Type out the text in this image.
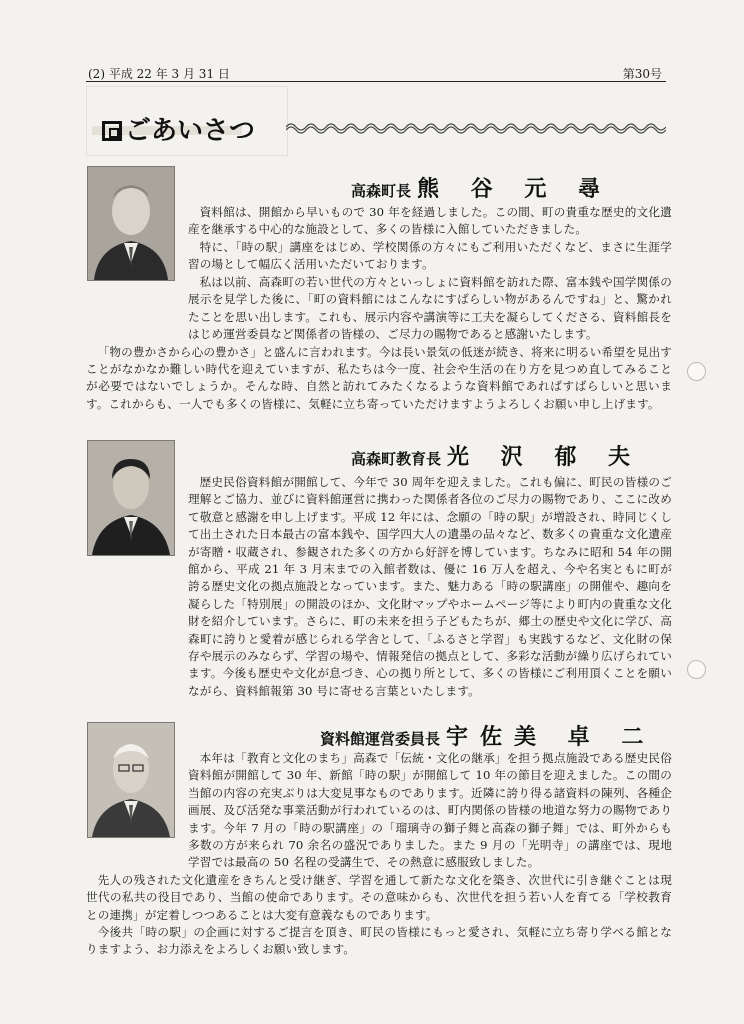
(2) 平成 22 年 3 月 31 日	第30号
ごあいさつ
高森町長 熊 谷 元 尋

資料館は、開館から早いもので 30 年を経過しました。この間、町の貴重な歴史的文化遺産を継承する中心的な施設として、多くの皆様に入館していただきました。

特に、「時の駅」講座をはじめ、学校関係の方々にもご利用いただくなど、まさに生涯学習の場として幅広く活用いただいております。

私は以前、高森町の若い世代の方々といっしょに資料館を訪れた際、富本銭や国学関係の展示を見学した後に、「町の資料館にはこんなにすばらしい物があるんですね」と、驚かれたことを思い出します。これも、展示内容や講演等に工夫を凝らしてくださる、資料館長をはじめ運営委員など関係者の皆様の、ご尽力の賜物であると感謝いたします。

「物の豊かさから心の豊かさ」と盛んに言われます。今は長い景気の低迷が続き、将来に明るい希望を見出すことがなかなか難しい時代を迎えていますが、私たちは今一度、社会や生活の在り方を見つめ直してみることが必要ではないでしょうか。そんな時、自然と訪れてみたくなるような資料館であればすばらしいと思います。これからも、一人でも多くの皆様に、気軽に立ち寄っていただけますようよろしくお願い申し上げます。

高森町教育長 光 沢 郁 夫

歴史民俗資料館が開館して、今年で 30 周年を迎えました。これも偏に、町民の皆様のご理解とご協力、並びに資料館運営に携わった関係者各位のご尽力の賜物であり、ここに改めて敬意と感謝を申し上げます。平成 12 年には、念願の「時の駅」が増設され、時同じくして出土された日本最古の富本銭や、国学四大人の遺墨の品々など、数多くの貴重な文化遺産が寄贈・収蔵され、参観された多くの方から好評を博しています。ちなみに昭和 54 年の開館から、平成 21 年 3 月末までの入館者数は、優に 16 万人を超え、今や名実ともに町が誇る歴史文化の拠点施設となっています。また、魅力ある「時の駅講座」の開催や、趣向を凝らした「特別展」の開設のほか、文化財マップやホームページ等により町内の貴重な文化財を紹介しています。さらに、町の未来を担う子どもたちが、郷土の歴史や文化に学び、高森町に誇りと愛着が感じられる学舎として、「ふるさと学習」も実践するなど、文化財の保存や展示のみならず、学習の場や、情報発信の拠点として、多彩な活動が繰り広げられています。今後も歴史や文化が息づき、心の拠り所として、多くの皆様にご利用頂くことを願いながら、資料館報第 30 号に寄せる言葉といたします。

資料館運営委員長 宇佐美 卓 二

本年は「教育と文化のまち」高森で「伝統・文化の継承」を担う拠点施設である歴史民俗資料館が開館して 30 年、新館「時の駅」が開館して 10 年の節目を迎えました。この間の当館の内容の充実ぶりは大変見事なものであります。近隣に誇り得る諸資料の陳列、各種企画展、及び活発な事業活動が行われているのは、町内関係の皆様の地道な努力の賜物であります。今年 7 月の「時の駅講座」の「瑠璃寺の獅子舞と高森の獅子舞」では、町外からも多数の方が来られ 70 余名の盛況でありました。また 9 月の「光明寺」の講座では、現地学習では最高の 50 名程の受講生で、その熱意に感服致しました。

先人の残された文化遺産をきちんと受け継ぎ、学習を通して新たな文化を築き、次世代に引き継ぐことは現世代の私共の役目であり、当館の使命であります。その意味からも、次世代を担う若い人を育てる「学校教育との連携」が定着しつつあることは大変有意義なものであります。

今後共「時の駅」の企画に対するご提言を頂き、町民の皆様にもっと愛され、気軽に立ち寄り学べる館となりますよう、お力添えをよろしくお願い致します。
